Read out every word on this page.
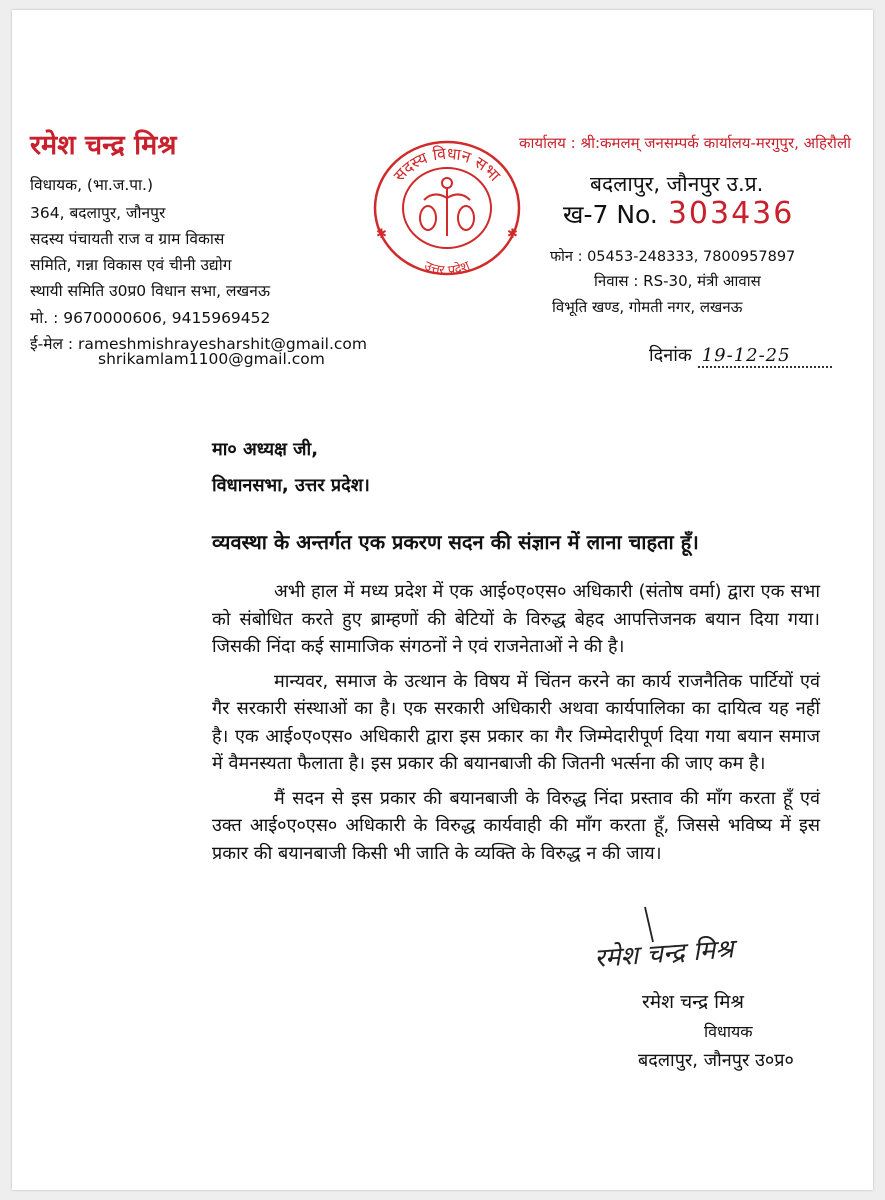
रमेश चन्द्र मिश्र
विधायक, (भा.ज.पा.)
364, बदलापुर, जौनपुर
सदस्य पंचायती राज व ग्राम विकास
समिति, गन्ना विकास एवं चीनी उद्योग
स्थायी समिति उ0प्र0 विधान सभा, लखनऊ
मो. : 9670000606, 9415969452
ई-मेल : rameshmishrayesharshit@gmail.com
shrikamlam1100@gmail.com
सदस्य विधान सभा
उत्तर प्रदेश
✱	✱
कार्यालय : श्री:कमलम् जनसम्पर्क कार्यालय-मरगुपुर, अहिरौली
बदलापुर, जौनपुर उ.प्र.
ख-7 No. 303436
फोन : 05453-248333, 7800957897
निवास : RS-30, मंत्री आवास
विभूति खण्ड, गोमती नगर, लखनऊ
दिनांक 19-12-25
मा० अध्यक्ष जी,
विधानसभा, उत्तर प्रदेश।
व्यवस्था के अन्तर्गत एक प्रकरण सदन की संज्ञान में लाना चाहता हूँ।

अभी हाल में मध्य प्रदेश में एक आई०ए०एस० अधिकारी (संतोष वर्मा) द्वारा एक सभा को संबोधित करते हुए ब्राम्हणों की बेटियों के विरुद्ध बेहद आपत्तिजनक बयान दिया गया। जिसकी निंदा कई सामाजिक संगठनों ने एवं राजनेताओं ने की है।

मान्यवर, समाज के उत्थान के विषय में चिंतन करने का कार्य राजनैतिक पार्टियों एवं गैर सरकारी संस्थाओं का है। एक सरकारी अधिकारी अथवा कार्यपालिका का दायित्व यह नहीं है। एक आई०ए०एस० अधिकारी द्वारा इस प्रकार का गैर जिम्मेदारीपूर्ण दिया गया बयान समाज में वैमनस्यता फैलाता है। इस प्रकार की बयानबाजी की जितनी भर्त्सना की जाए कम है।

मैं सदन से इस प्रकार की बयानबाजी के विरुद्ध निंदा प्रस्ताव की माँग करता हूँ एवं उक्त आई०ए०एस० अधिकारी के विरुद्ध कार्यवाही की माँग करता हूँ, जिससे भविष्य में इस प्रकार की बयानबाजी किसी भी जाति के व्यक्ति के विरुद्ध न की जाय।

रमेश चन्द्र मिश्र
रमेश चन्द्र मिश्र
विधायक
बदलापुर, जौनपुर उ०प्र०
